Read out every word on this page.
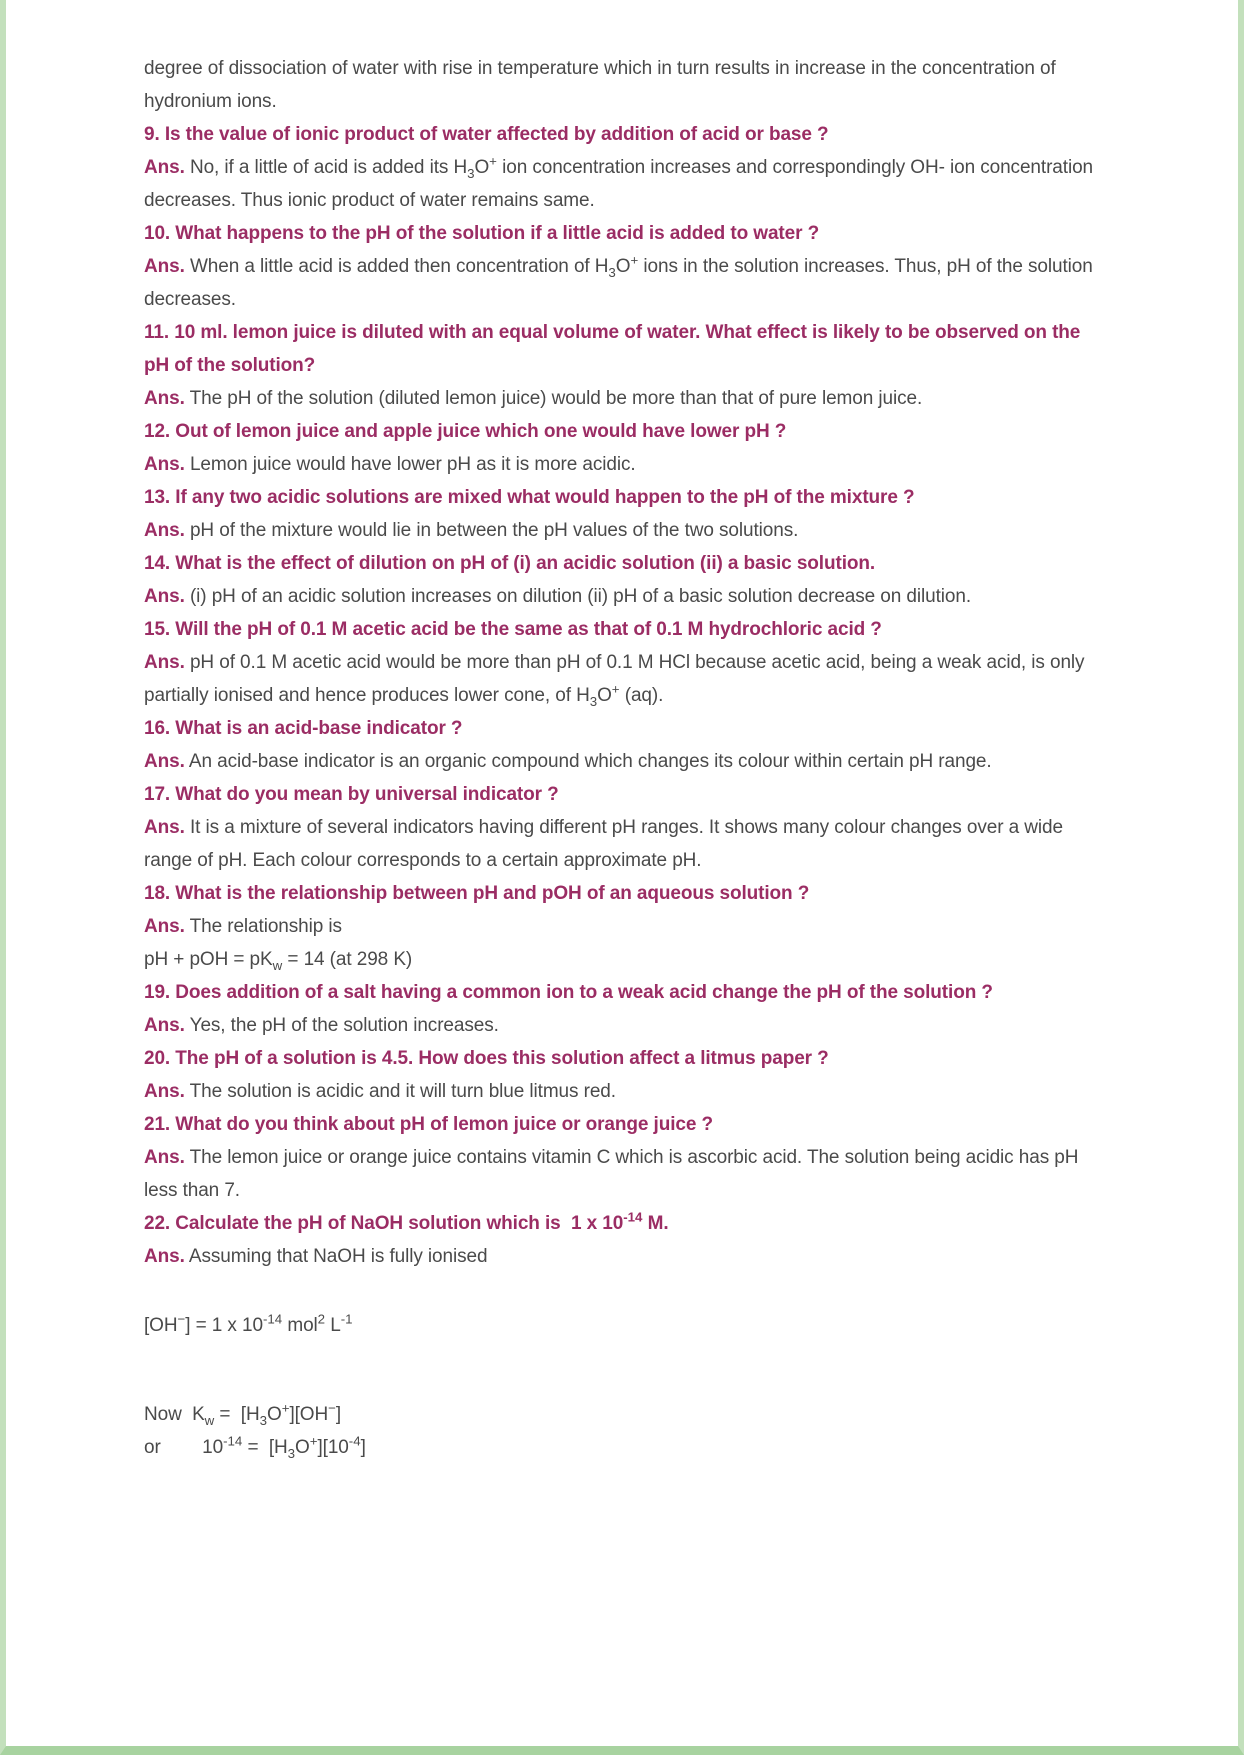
degree of dissociation of water with rise in temperature which in turn results in increase in the concentration of hydronium ions.

9. Is the value of ionic product of water affected by addition of acid or base ?

Ans. No, if a little of acid is added its $H_3O^+$ ion concentration increases and correspondingly OH- ion concentration decreases. Thus ionic product of water remains same.

10. What happens to the pH of the solution if a little acid is added to water ?

Ans. When a little acid is added then concentration of $H_3O^+$ ions in the solution increases. Thus, pH of the solution decreases.

11. 10 ml. lemon juice is diluted with an equal volume of water. What effect is likely to be observed on the pH of the solution?

Ans. The pH of the solution (diluted lemon juice) would be more than that of pure lemon juice.

12. Out of lemon juice and apple juice which one would have lower pH ?

Ans. Lemon juice would have lower pH as it is more acidic.

13. If any two acidic solutions are mixed what would happen to the pH of the mixture ?

Ans. pH of the mixture would lie in between the pH values of the two solutions.

14. What is the effect of dilution on pH of (i) an acidic solution (ii) a basic solution.

Ans. (i) pH of an acidic solution increases on dilution (ii) pH of a basic solution decrease on dilution.

15. Will the pH of 0.1 M acetic acid be the same as that of 0.1 M hydrochloric acid ?

Ans. pH of 0.1 M acetic acid would be more than pH of 0.1 M HCl because acetic acid, being a weak acid, is only partially ionised and hence produces lower cone, of $H_3O^+$ (aq).

16. What is an acid-base indicator ?

Ans. An acid-base indicator is an organic compound which changes its colour within certain pH range.

17. What do you mean by universal indicator ?

Ans. It is a mixture of several indicators having different pH ranges. It shows many colour changes over a wide range of pH. Each colour corresponds to a certain approximate pH.

18. What is the relationship between pH and pOH of an aqueous solution ?

Ans. The relationship is

pH + pOH = $pK_w = 14$ (at 298 K)

19. Does addition of a salt having a common ion to a weak acid change the pH of the solution ?

Ans. Yes, the pH of the solution increases.

20. The pH of a solution is 4.5. How does this solution affect a litmus paper ?

Ans. The solution is acidic and it will turn blue litmus red.

21. What do you think about pH of lemon juice or orange juice ?

Ans. The lemon juice or orange juice contains vitamin C which is ascorbic acid. The solution being acidic has pH less than 7.

22. Calculate the pH of NaOH solution which is  1 x $10^{-14}$ M.

Ans. Assuming that NaOH is fully ionised

[OH−] = 1 x $10^{-14}$ mol$^2$ $L^{-1}$

Now  $K_w = [H_3O^+][OH^-]$

or        $10^{-14} = [H_3O^+][10^{-4}]$
